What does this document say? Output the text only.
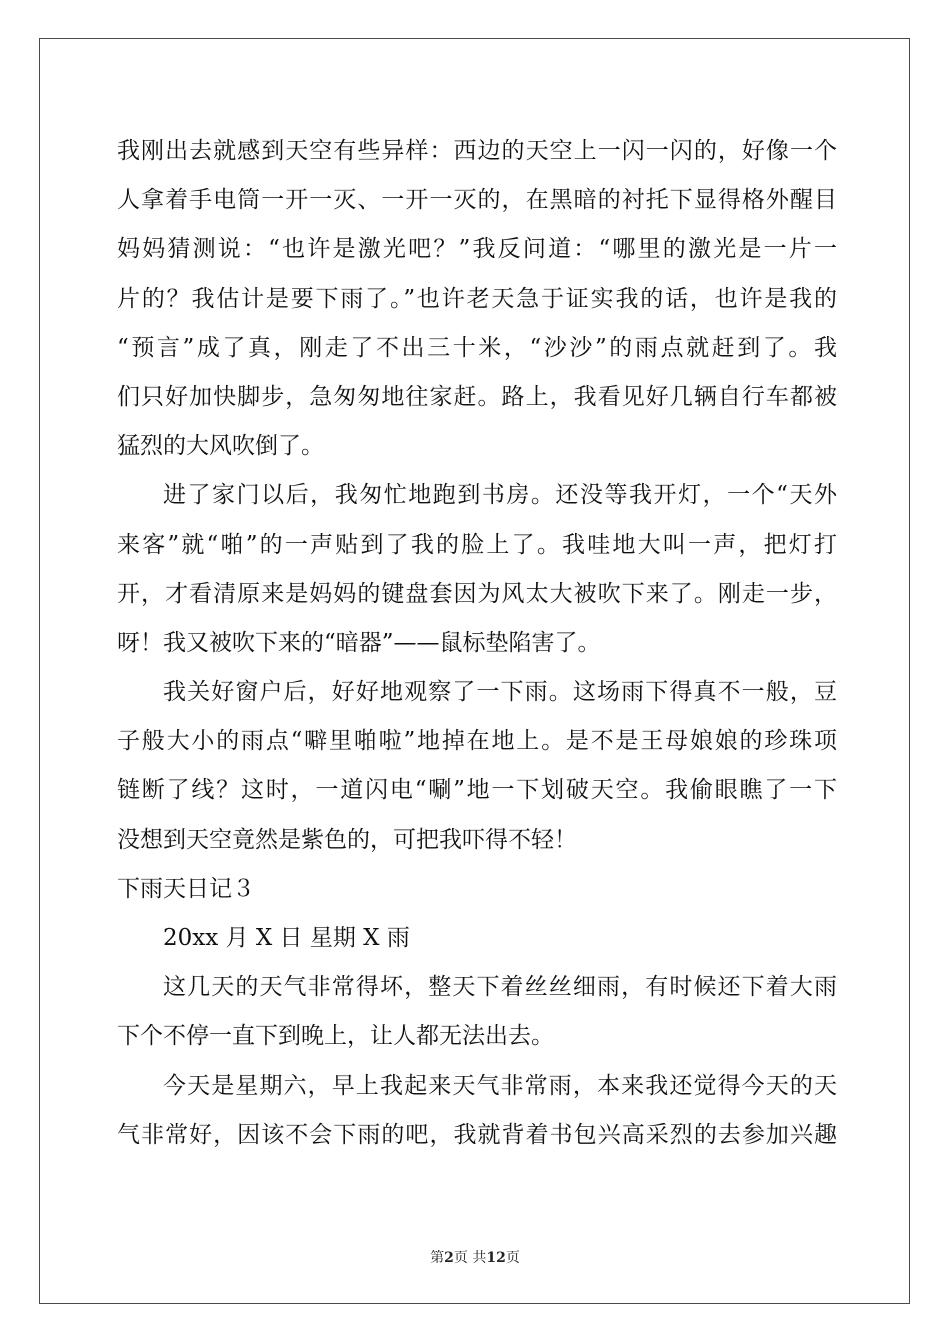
我刚出去就感到天空有些异样：西边的天空上一闪一闪的，好像一个
人拿着手电筒一开一灭、一开一灭的，在黑暗的衬托下显得格外醒目
妈妈猜测说：“也许是激光吧？”我反问道：“哪里的激光是一片一
片的？我估计是要下雨了。”也许老天急于证实我的话，也许是我的
“预言”成了真，刚走了不出三十米，“沙沙”的雨点就赶到了。我
们只好加快脚步，急匆匆地往家赶。路上，我看见好几辆自行车都被
猛烈的大风吹倒了。
进了家门以后，我匆忙地跑到书房。还没等我开灯，一个“天外
来客”就“啪”的一声贴到了我的脸上了。我哇地大叫一声，把灯打
开，才看清原来是妈妈的键盘套因为风太大被吹下来了。刚走一步，
呀！我又被吹下来的“暗器”——鼠标垫陷害了。
我关好窗户后，好好地观察了一下雨。这场雨下得真不一般，豆
子般大小的雨点“噼里啪啦”地掉在地上。是不是王母娘娘的珍珠项
链断了线？这时，一道闪电“唰”地一下划破天空。我偷眼瞧了一下
没想到天空竟然是紫色的，可把我吓得不轻！
下雨天日记３
20xx 月 X 日 星期 X 雨
这几天的天气非常得坏，整天下着丝丝细雨，有时候还下着大雨
下个不停一直下到晚上，让人都无法出去。
今天是星期六，早上我起来天气非常雨，本来我还觉得今天的天
气非常好，因该不会下雨的吧，我就背着书包兴高采烈的去参加兴趣
第2页 共12页
